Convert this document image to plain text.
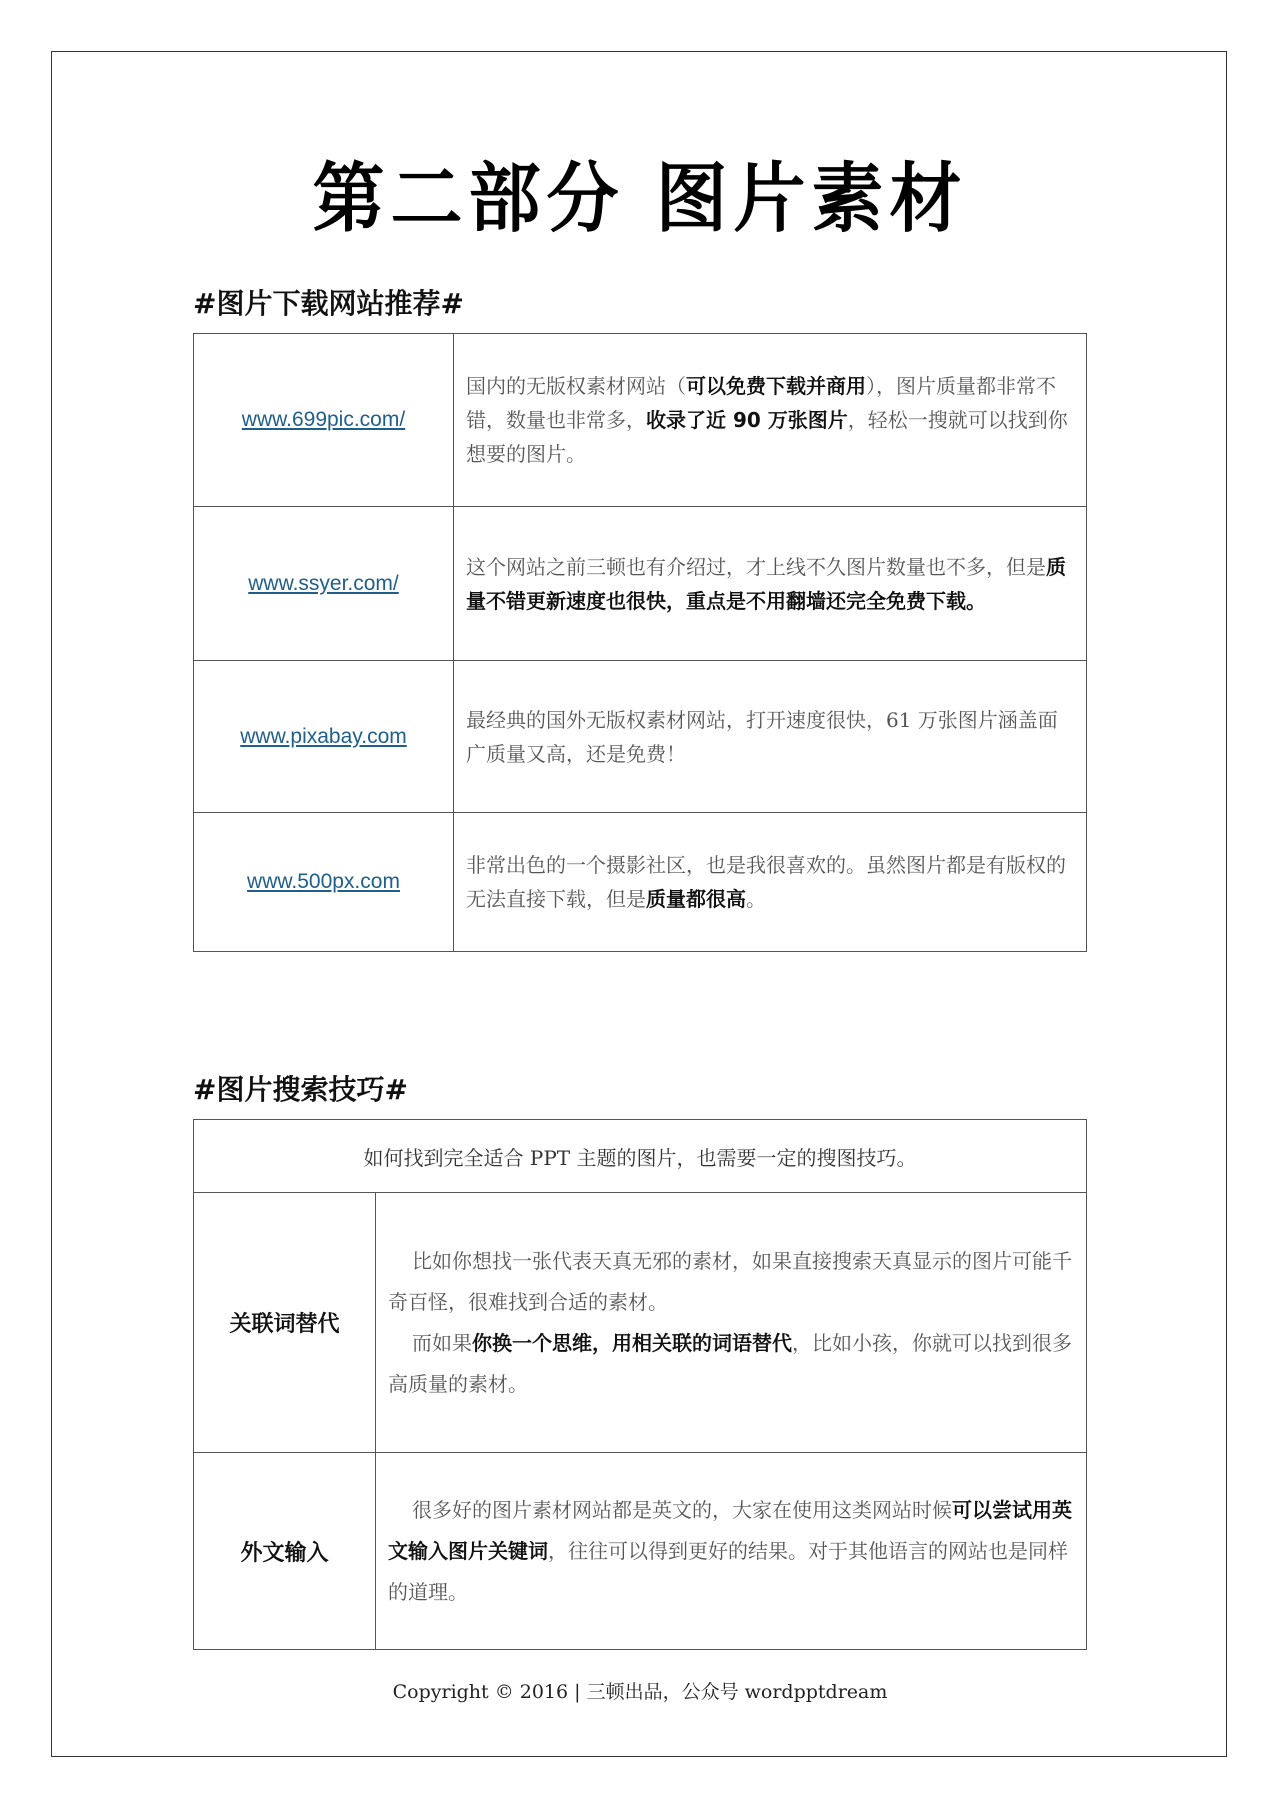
第二部分 图片素材
#图片下载网站推荐#
www.699pic.com/	国内的无版权素材网站（可以免费下载并商用），图片质量都非常不错，数量也非常多，收录了近 90 万张图片，轻松一搜就可以找到你想要的图片。
www.ssyer.com/	这个网站之前三顿也有介绍过，才上线不久图片数量也不多，但是质量不错更新速度也很快，重点是不用翻墙还完全免费下载。
www.pixabay.com	最经典的国外无版权素材网站，打开速度很快，61 万张图片涵盖面广质量又高，还是免费！
www.500px.com	非常出色的一个摄影社区，也是我很喜欢的。虽然图片都是有版权的无法直接下载，但是质量都很高。
#图片搜索技巧#
如何找到完全适合 PPT 主题的图片，也需要一定的搜图技巧。	
关联词替代	比如你想找一张代表天真无邪的素材，如果直接搜索天真显示的图片可能千奇百怪，很难找到合适的素材。

而如果你换一个思维，用相关联的词语替代，比如小孩，你就可以找到很多高质量的素材。

外文输入	很多好的图片素材网站都是英文的，大家在使用这类网站时候可以尝试用英文输入图片关键词，往往可以得到更好的结果。对于其他语言的网站也是同样的道理。

Copyright © 2016 | 三顿出品，公众号 wordpptdream
